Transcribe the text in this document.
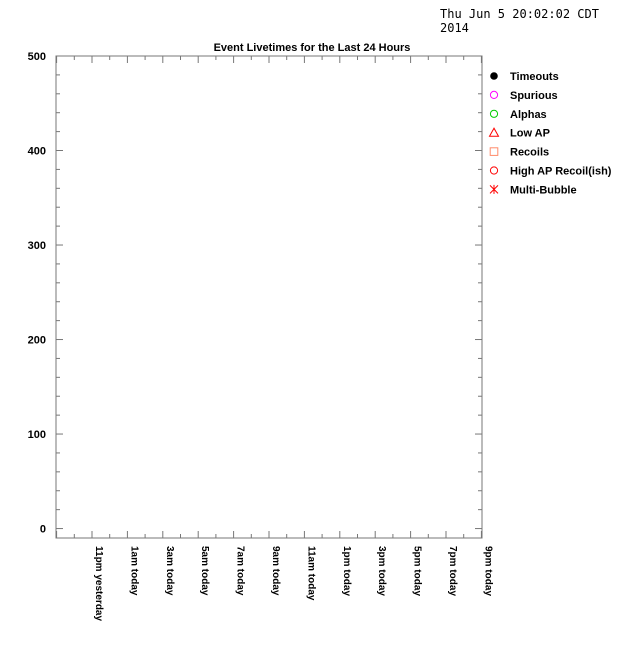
Thu Jun 5 20:02:02 CDT 2014
Event Livetimes for the Last 24 Hours
0
100
200
300
400
500
11pm yesterday 1am today 3am today 5am today 7am today 9am today 11am today 1pm today 3pm today 5pm today 7pm today 9pm today
Timeouts
Spurious
Alphas
Low AP
Recoils
High AP Recoil(ish)
Multi-Bubble
